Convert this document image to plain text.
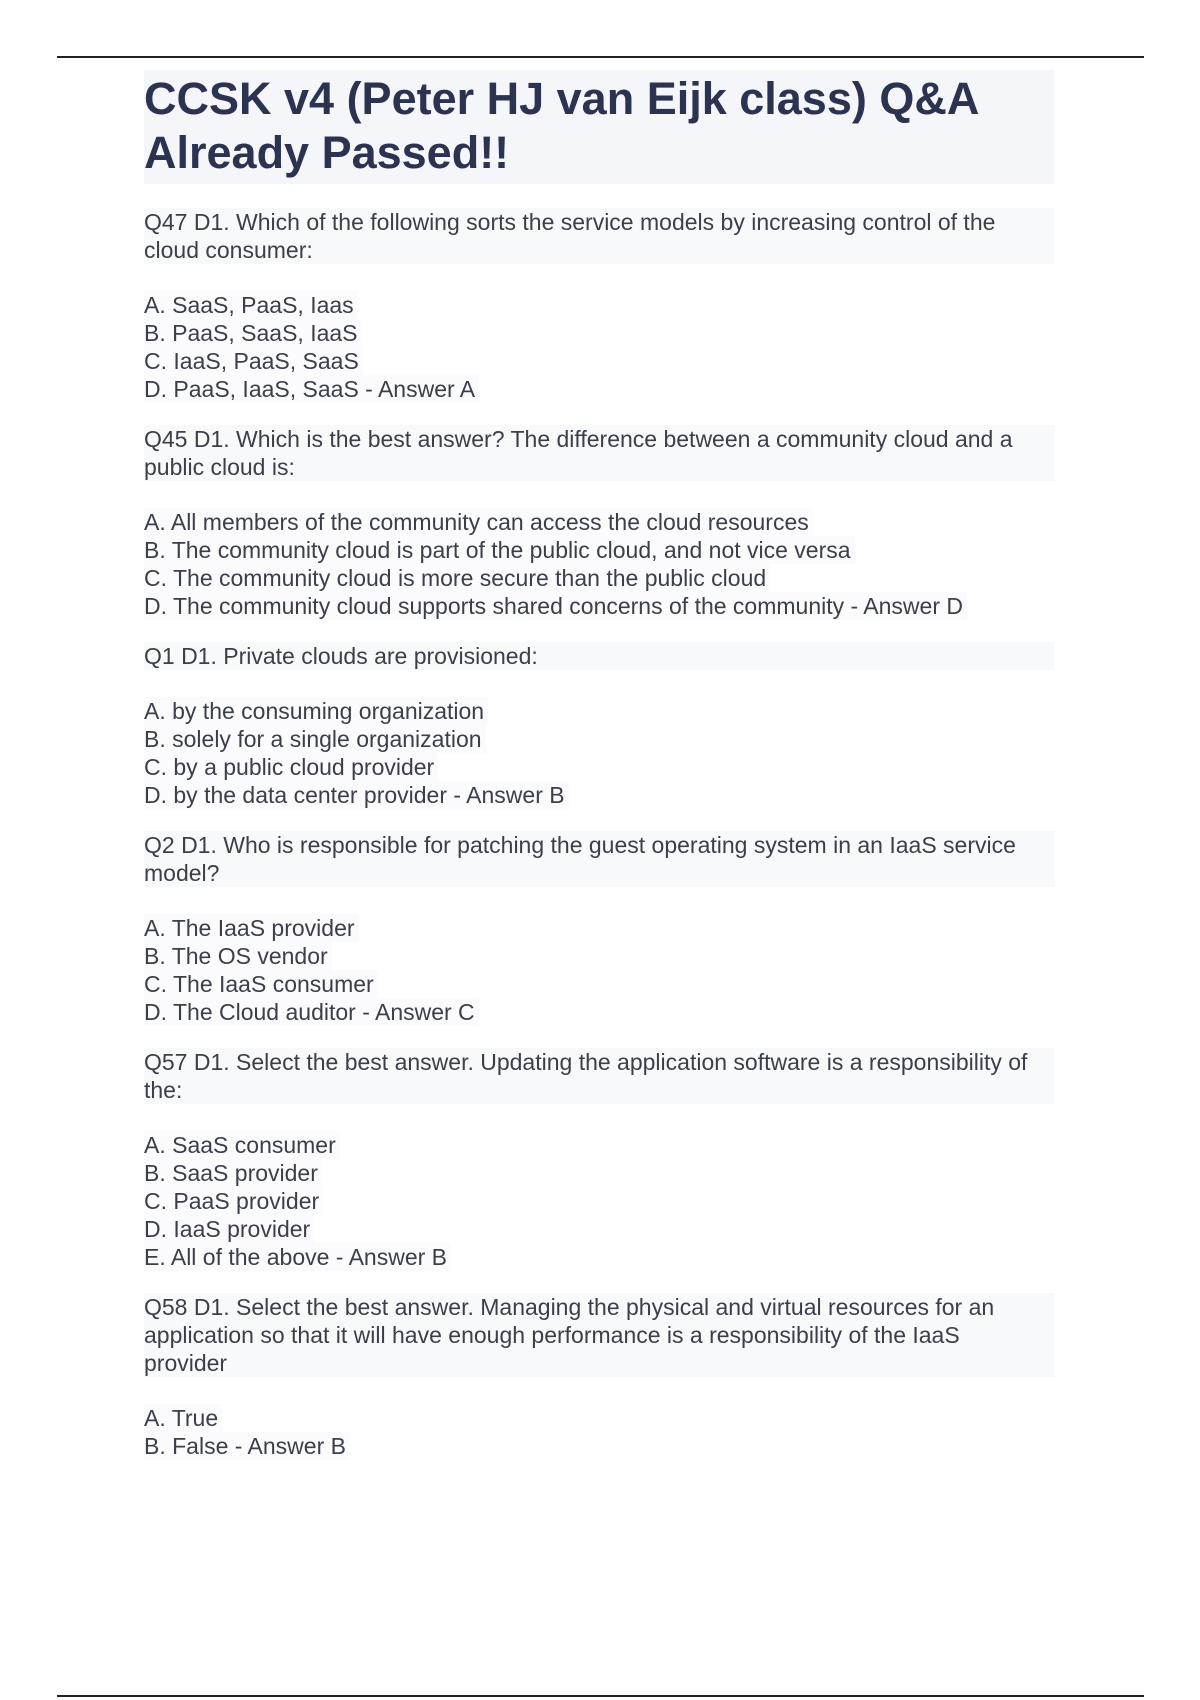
CCSK v4 (Peter HJ van Eijk class) Q&A Already Passed!!
Q47 D1. Which of the following sorts the service models by increasing control of the cloud consumer:
A. SaaS, PaaS, Iaas
B. PaaS, SaaS, IaaS
C. IaaS, PaaS, SaaS
D. PaaS, IaaS, SaaS - Answer A
Q45 D1. Which is the best answer? The difference between a community cloud and a public cloud is:
A. All members of the community can access the cloud resources
B. The community cloud is part of the public cloud, and not vice versa
C. The community cloud is more secure than the public cloud
D. The community cloud supports shared concerns of the community - Answer D
Q1 D1. Private clouds are provisioned:
A. by the consuming organization
B. solely for a single organization
C. by a public cloud provider
D. by the data center provider - Answer B
Q2 D1. Who is responsible for patching the guest operating system in an IaaS service model?
A. The IaaS provider
B. The OS vendor
C. The IaaS consumer
D. The Cloud auditor - Answer C
Q57 D1. Select the best answer. Updating the application software is a responsibility of the:
A. SaaS consumer
B. SaaS provider
C. PaaS provider
D. IaaS provider
E. All of the above - Answer B
Q58 D1. Select the best answer. Managing the physical and virtual resources for an application so that it will have enough performance is a responsibility of the IaaS provider
A. True
B. False - Answer B
